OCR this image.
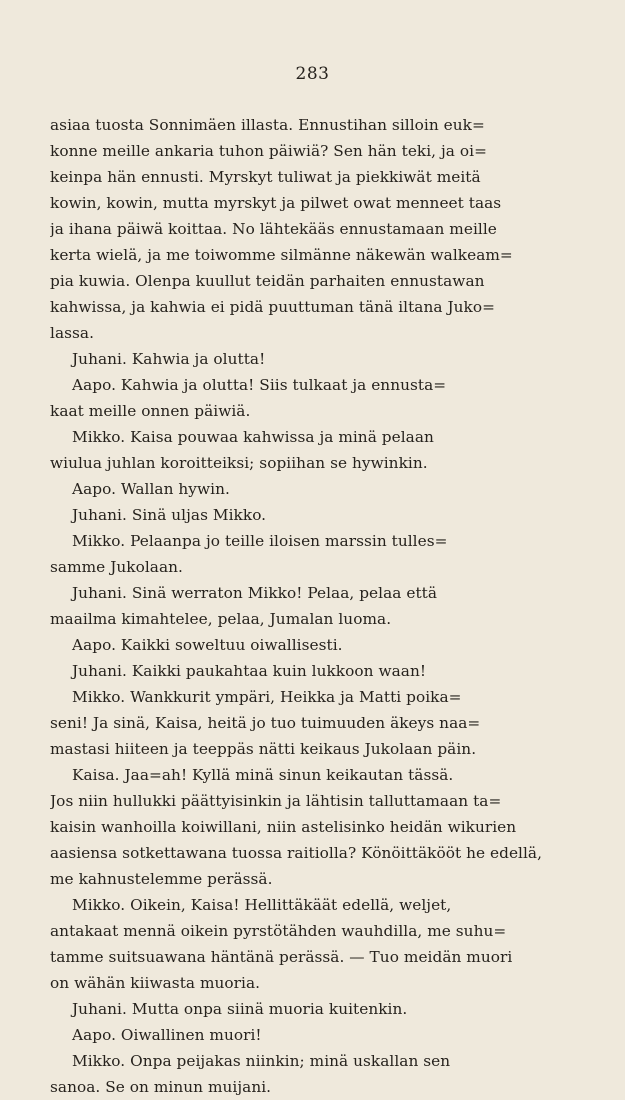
283
asiaa tuosta Sonnimäen illasta. Ennustihan silloin euk=
konne meille ankaria tuhon päiwiä? Sen hän teki, ja oi=
keinpa hän ennusti. Myrskyt tuliwat ja piekkiwät meitä
kowin, kowin, mutta myrskyt ja pilwet owat menneet taas
ja ihana päiwä koittaa. No lähtekääs ennustamaan meille
kerta wielä, ja me toiwomme silmänne näkewän walkeam=
pia kuwia. Olenpa kuullut teidän parhaiten ennustawan
kahwissa, ja kahwia ei pidä puuttuman tänä iltana Juko=
lassa.
Juhani. Kahwia ja olutta!
Aapo. Kahwia ja olutta! Siis tulkaat ja ennusta=
kaat meille onnen päiwiä.
Mikko. Kaisa pouwaa kahwissa ja minä pelaan
wiulua juhlan koroitteiksi; sopiihan se hywinkin.
Aapo. Wallan hywin.
Juhani. Sinä uljas Mikko.
Mikko. Pelaanpa jo teille iloisen marssin tulles=
samme Jukolaan.
Juhani. Sinä werraton Mikko! Pelaa, pelaa että
maailma kimahtelee, pelaa, Jumalan luoma.
Aapo. Kaikki soweltuu oiwallisesti.
Juhani. Kaikki paukahtaa kuin lukkoon waan!
Mikko. Wankkurit ympäri, Heikka ja Matti poika=
seni! Ja sinä, Kaisa, heitä jo tuo tuimuuden äkeys naa=
mastasi hiiteen ja teeppäs nätti keikaus Jukolaan päin.
Kaisa. Jaa=ah! Kyllä minä sinun keikautan tässä.
Jos niin hullukki päättyisinkin ja lähtisin talluttamaan ta=
kaisin wanhoilla koiwillani, niin astelisinko heidän wikurien
aasiensa sotkettawana tuossa raitiolla? Könöittäkööt he edellä,
me kahnustelemme perässä.
Mikko. Oikein, Kaisa! Hellittäkäät edellä, weljet,
antakaat mennä oikein pyrstötähden wauhdilla, me suhu=
tamme suitsuawana häntänä perässä. — Tuo meidän muori
on wähän kiiwasta muoria.
Juhani. Mutta onpa siinä muoria kuitenkin.
Aapo. Oiwallinen muori!
Mikko. Onpa peijakas niinkin; minä uskallan sen
sanoa. Se on minun muijani.
